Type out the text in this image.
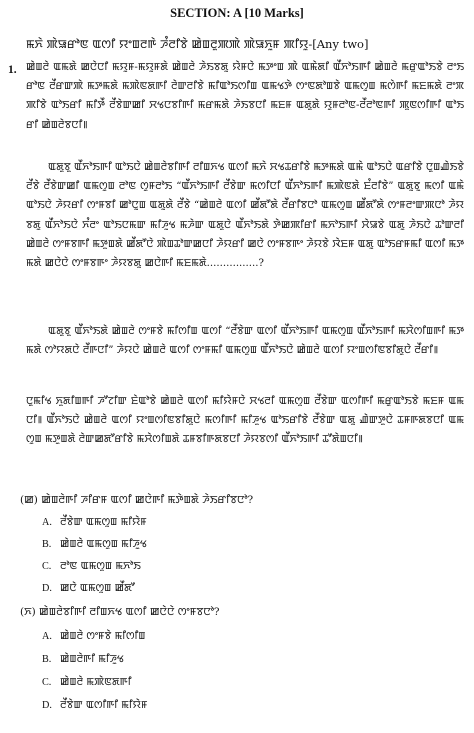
SECTION: A [10 Marks]
ꯃꯈꯥ ꯄꯥꯎꯔꯣꯟ ꯑꯁꯤ ꯌꯦꯡꯂꯒꯥ ꯍꯪꯂꯤꯕꯥ ꯀꯥꯡꯂꯨꯄꯄꯥ ꯄꯥꯎꯈꯨꯝ ꯄꯤꯌꯨ-[Any two]
1. ꯀꯥꯡꯂꯥ ꯑꯃꯗꯥ ꯀꯅꯥꯅꯤ ꯃꯌꯨꯝ-ꯃꯌꯨꯝꯗꯥ ꯀꯥꯡꯂꯥ ꯍꯥꯏꯕꯗꯨ ꯌꯥꯝꯅꯥ ꯃꯇꯦꯡ ꯄꯥ ꯑꯃꯥꯗꯤ ꯑꯩꯈꯣꯏꯒꯤ ꯀꯥꯡꯂꯥ ꯃꯔꯨꯑꯣꯏꯕꯥ ꯂꯦꯏꯔꯣꯟ ꯂꯩꯔꯛꯄꯥ ꯃꯇꯃꯗꯥ ꯃꯄꯥꯟꯗꯒꯤ ꯂꯥꯛꯂꯤꯕꯥ ꯃꯤꯑꯣꯏꯁꯤꯡ ꯑꯃꯠꯇꯥ ꯁꯦꯟꯗꯣꯡꯕꯥ ꯑꯃꯁꯨꯡ ꯃꯁꯥꯒꯤ ꯃꯐꯃꯗꯥ ꯂꯦꯞꯄꯤꯕꯥ ꯑꯣꯏꯔꯤ ꯃꯤꯇꯩ ꯂꯩꯕꯥꯛꯀꯤ ꯆꯠꯅꯕꯤꯒꯤ ꯃꯔꯃꯗꯥ ꯍꯥꯏꯕꯅꯤ ꯃꯐꯝ ꯑꯗꯨꯗꯥ ꯌꯨꯝꯂꯣꯟ-ꯂꯩꯂꯣꯟꯒꯤ ꯄꯨꯟꯁꯤꯒꯤ ꯑꯣꯏꯔꯤ ꯀꯥꯡꯂꯥꯕꯅꯤ꯫
ꯑꯗꯨꯕꯨ ꯑꯩꯈꯣꯏꯒꯤ ꯑꯣꯏꯅꯥ ꯀꯥꯡꯂꯥꯕꯤꯒꯤ ꯂꯤꯡꯈꯠ ꯑꯁꯤ ꯃꯈꯥ ꯆꯠꯊꯔꯤꯕꯥ ꯃꯇꯃꯗꯥ ꯑꯃꯥ ꯑꯣꯏꯅꯥ ꯑꯔꯤꯕꯥ ꯅꯨꯡꯉꯥꯏꯕꯥ ꯂꯩꯕꯥ ꯂꯩꯕꯥꯛꯀꯤ ꯑꯃꯁꯨꯡ ꯂꯣꯟ ꯁꯨꯝꯂꯣꯏ “ꯑꯩꯈꯣꯏꯒꯤ ꯂꯩꯕꯥꯛ ꯃꯁꯤꯅꯤ ꯑꯩꯈꯣꯏꯒꯤ ꯃꯄꯥꯟꯗꯥ ꯐꯪꯂꯤꯕꯥ” ꯑꯗꯨꯕꯨ ꯃꯁꯤ ꯑꯃꯥ ꯑꯣꯏꯅꯥ ꯍꯥꯌꯔꯤ ꯁꯦꯝꯕꯤ ꯀꯣꯅꯨꯡ ꯑꯗꯨꯗꯥ ꯂꯩꯕꯥ “ꯀꯥꯡꯂꯥ ꯑꯁꯤ ꯀꯩꯗꯧꯗꯥ ꯂꯩꯔꯤꯕꯅꯣ ꯑꯃꯁꯨꯡ ꯀꯩꯗꯧꯗꯥ ꯁꯦꯝꯂꯦꯛꯄꯅꯣ ꯍꯥꯌꯕꯗꯨ ꯑꯩꯈꯣꯏꯅꯥ ꯈꯪꯂꯦ ꯑꯣꯏꯅꯃꯛ ꯃꯤꯍꯨꯠ ꯃꯍꯥꯛ ꯑꯗꯨꯅꯥ ꯑꯩꯈꯣꯏꯗꯥ ꯇꯥꯀꯄꯤꯔꯤ ꯃꯈꯣꯏꯒꯤ ꯆꯥꯎꯕꯥ ꯑꯗꯨ ꯍꯥꯏꯅꯥ ꯊꯣꯛꯂꯤ ꯀꯥꯡꯂꯥ ꯁꯦꯝꯕꯒꯤ ꯃꯇꯨꯡꯗꯥ ꯀꯩꯗꯧꯅꯥ ꯄꯥꯡꯊꯣꯛꯀꯅꯤ ꯍꯥꯌꯔꯤ ꯀꯅꯥ ꯁꯦꯝꯕꯒꯦ ꯍꯥꯌꯕꯥ ꯋꯥꯐꯝ ꯑꯗꯨ ꯑꯣꯏꯔꯝꯃꯤ ꯑꯁꯤ ꯃꯇꯃꯗꯥ ꯀꯅꯥꯅꯥ ꯁꯦꯝꯕꯒꯦ ꯍꯥꯌꯕꯗꯨ ꯀꯅꯥꯒꯤ ꯃꯐꯃꯗꯥ................?
ꯑꯗꯨꯕꯨ ꯑꯩꯈꯣꯏꯗꯥ ꯀꯥꯡꯂꯥ ꯁꯦꯝꯕꯥ ꯃꯤꯁꯤꯡ ꯑꯁꯤ “ꯂꯩꯕꯥꯛ ꯑꯁꯤ ꯑꯩꯈꯣꯏꯒꯤ ꯑꯃꯁꯨꯡ ꯑꯩꯈꯣꯏꯒꯤ ꯃꯆꯥꯁꯤꯡꯒꯤ ꯃꯇꯃꯗꯥ ꯁꯣꯌꯗꯅꯥ ꯂꯩꯒꯅꯤ” ꯍꯥꯌꯅꯥ ꯀꯥꯡꯂꯥ ꯑꯁꯤ ꯁꯦꯝꯃꯤ ꯑꯃꯁꯨꯡ ꯑꯩꯈꯣꯏꯅꯥ ꯀꯥꯡꯂꯥ ꯑꯁꯤ ꯌꯦꯡꯁꯤꯟꯕꯤꯗꯨꯅꯥ ꯂꯩꯔꯤ꯫
ꯅꯨꯃꯤꯠ ꯈꯨꯗꯤꯡꯒꯤ ꯍꯧꯖꯤꯛ ꯐꯥꯑꯣꯕꯥ ꯀꯥꯡꯂꯥ ꯑꯁꯤ ꯃꯤꯌꯥꯝꯅꯥ ꯆꯠꯂꯤ ꯑꯃꯁꯨꯡ ꯂꯩꯕꯥꯛ ꯑꯁꯤꯒꯤ ꯃꯔꯨꯑꯣꯏꯕꯥ ꯃꯐꯝ ꯑꯃꯅꯤ꯫ ꯑꯩꯈꯣꯏꯅꯥ ꯀꯥꯡꯂꯥ ꯑꯁꯤ ꯌꯦꯡꯁꯤꯟꯕꯤꯗꯨꯅꯥ ꯃꯁꯤꯒꯤ ꯃꯤꯍꯨꯠ ꯑꯣꯏꯔꯤꯕꯥ ꯂꯩꯕꯥꯛ ꯑꯗꯨ ꯉꯥꯛꯇꯨꯅꯥ ꯊꯝꯒꯗꯕꯅꯤ ꯑꯃꯁꯨꯡ ꯃꯇꯨꯡꯗꯥ ꯂꯥꯛꯀꯗꯧꯔꯤꯕꯥ ꯃꯆꯥꯁꯤꯡꯗꯥ ꯊꯝꯕꯤꯒꯗꯕꯅꯤ ꯍꯥꯌꯕꯁꯤ ꯑꯩꯈꯣꯏꯒꯤ ꯊꯧꯗꯥꯡꯅꯤ꯫
(ꯀ) ꯀꯥꯡꯂꯥꯒꯤ ꯍꯤꯔꯝ ꯑꯁꯤ ꯀꯅꯥꯒꯤ ꯃꯇꯥꯡꯗꯥ ꯍꯥꯏꯔꯤꯕꯅꯣ?
A. ꯂꯩꯕꯥꯛ ꯑꯃꯁꯨꯡ ꯃꯤꯌꯥꯝ
B. ꯀꯥꯡꯂꯥ ꯑꯃꯁꯨꯡ ꯃꯤꯍꯨꯠ
C. ꯂꯣꯟ ꯑꯃꯁꯨꯡ ꯃꯈꯣꯏ
D. ꯀꯅꯥ ꯑꯃꯁꯨꯡ ꯀꯩꯗꯧ
(ꯈ) ꯀꯥꯡꯂꯥꯕꯤꯒꯤ ꯂꯤꯡꯈꯠ ꯑꯁꯤ ꯀꯅꯥꯅꯥ ꯁꯦꯝꯕꯅꯣ?
A. ꯀꯥꯡꯂꯥ ꯁꯦꯝꯕꯥ ꯃꯤꯁꯤꯡ
B. ꯀꯥꯡꯂꯥꯒꯤ ꯃꯤꯍꯨꯠ
C. ꯀꯥꯡꯂꯥ ꯃꯄꯥꯟꯗꯒꯤ
D. ꯂꯩꯕꯥꯛ ꯑꯁꯤꯒꯤ ꯃꯤꯌꯥꯝ
